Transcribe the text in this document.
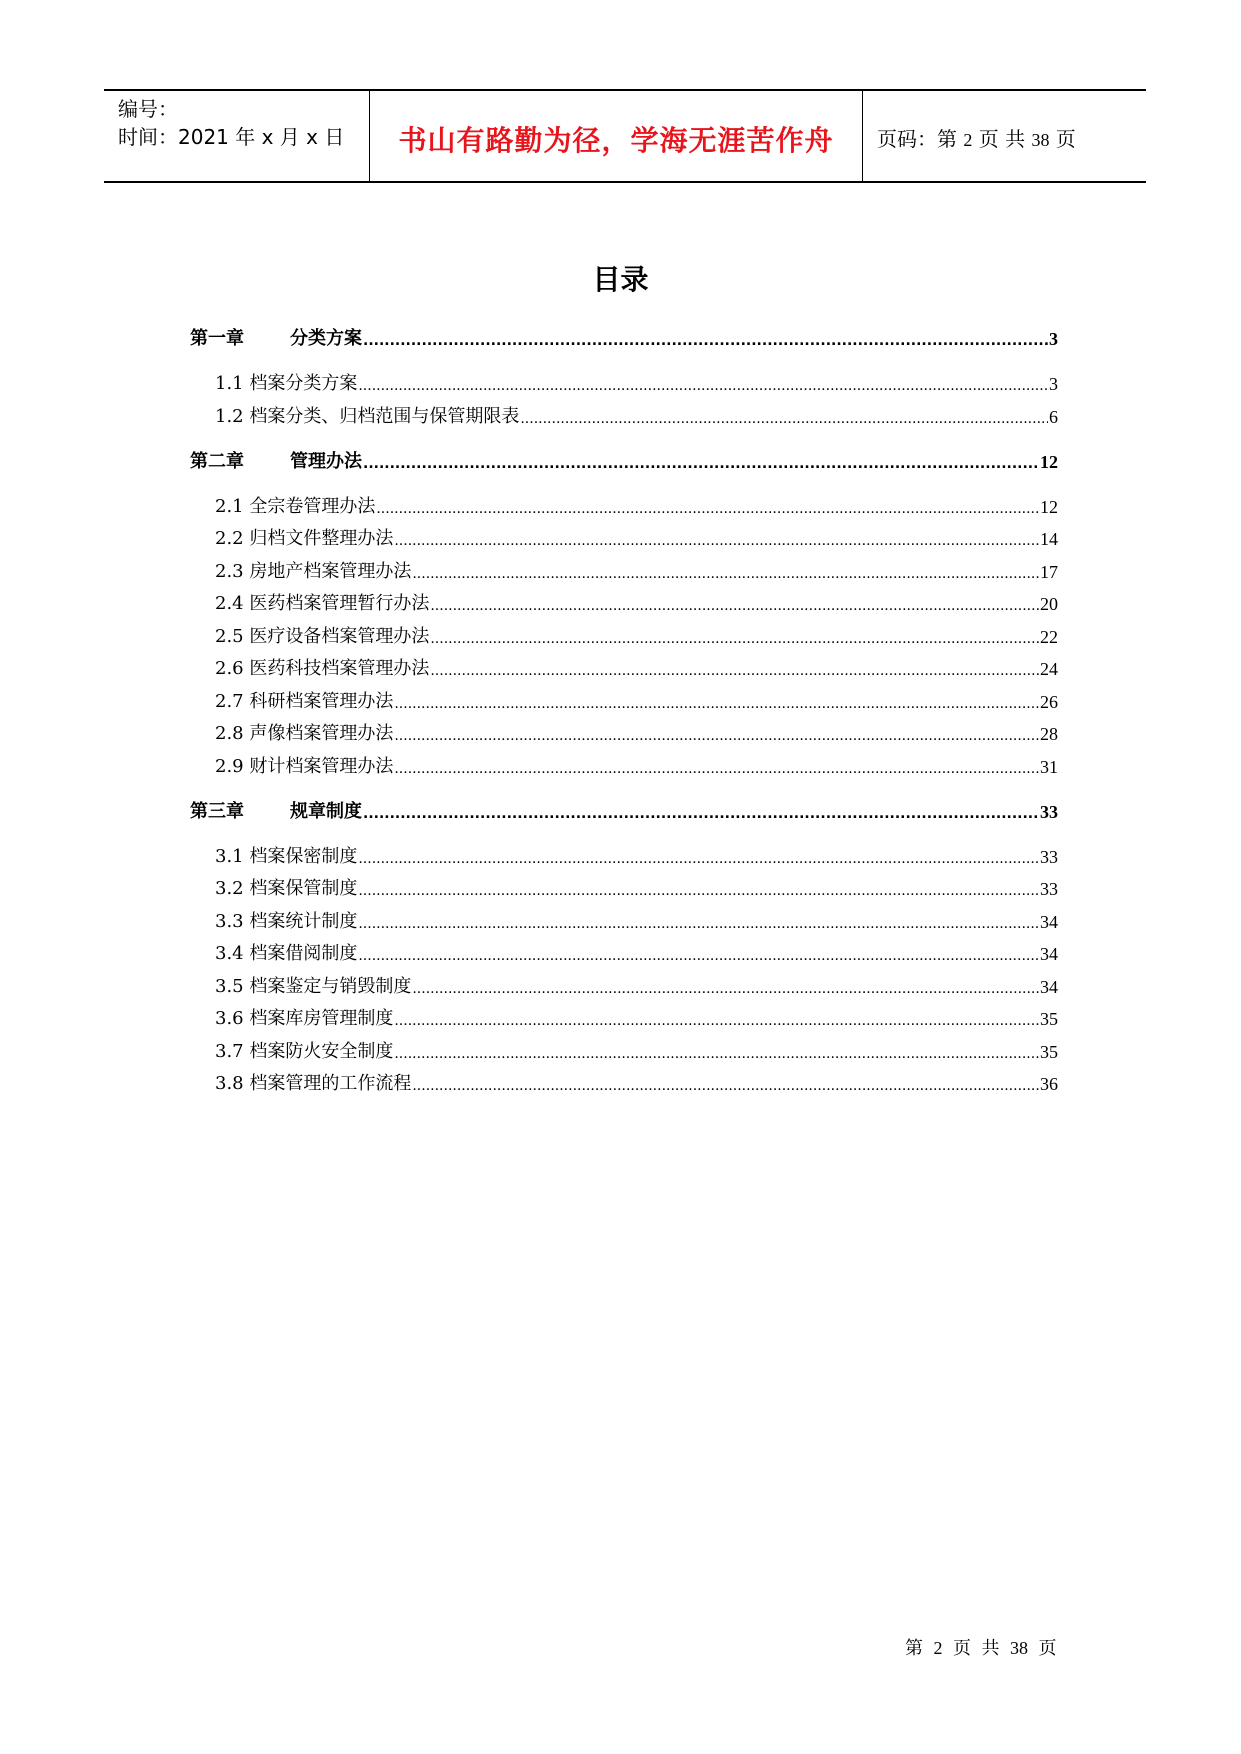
编号：
时间：2021 年 x 月 x 日	书山有路勤为径，学海无涯苦作舟	页码：第 2 页 共 38 页
目录
第一章	分类方案 .....	3
1.1 档案分类方案 .....	3
1.2 档案分类、归档范围与保管期限表 .....	6
第二章	管理办法 .....	12
2.1 全宗卷管理办法 .....	12
2.2 归档文件整理办法 .....	14
2.3 房地产档案管理办法 .....	17
2.4 医药档案管理暂行办法 .....	20
2.5 医疗设备档案管理办法 .....	22
2.6 医药科技档案管理办法 .....	24
2.7 科研档案管理办法 .....	26
2.8 声像档案管理办法 .....	28
2.9 财计档案管理办法 .....	31
第三章	规章制度 .....	33
3.1 档案保密制度 .....	33
3.2 档案保管制度 .....	33
3.3 档案统计制度 .....	34
3.4 档案借阅制度 .....	34
3.5 档案鉴定与销毁制度 .....	34
3.6 档案库房管理制度 .....	35
3.7 档案防火安全制度 .....	35
3.8 档案管理的工作流程 .....	36
第 2 页 共 38 页
